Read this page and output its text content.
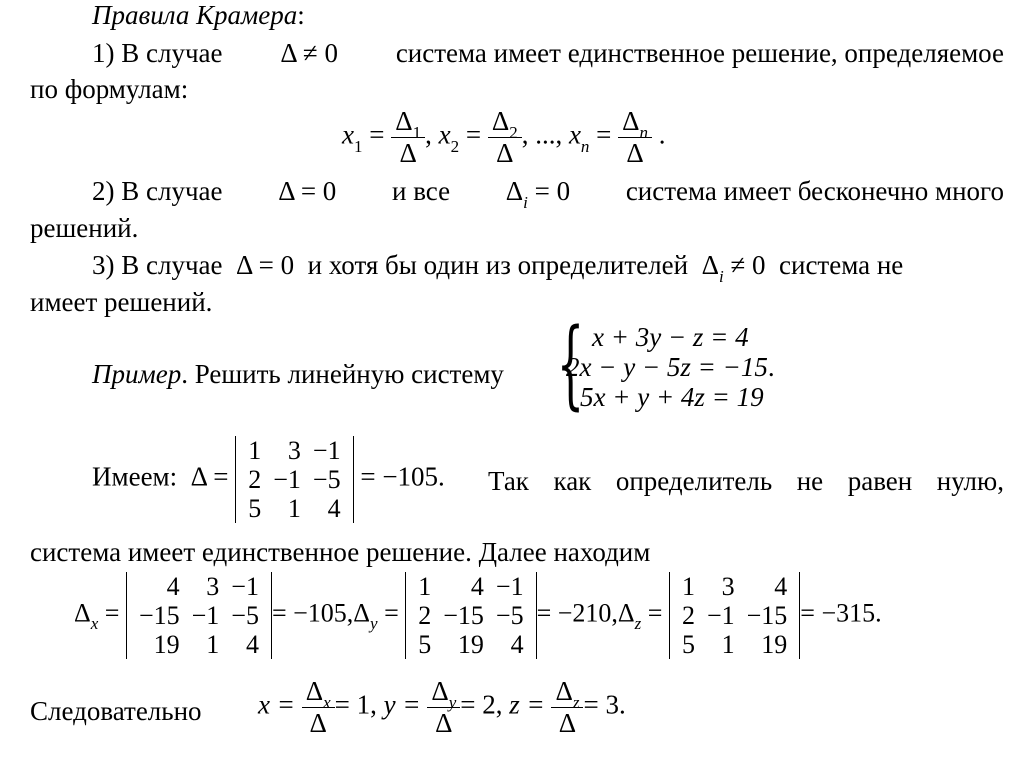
Правила Крамера:
1) В случае Δ ≠ 0 система имеет единственное решение, определяемое
по формулам:
$x_1 = \frac{\Delta_1}{\Delta}$ , $x_2 = \frac{\Delta_2}{\Delta}$ , ..., $x_n = \frac{\Delta_n}{\Delta}$ .
2) В случае Δ = 0 и все $\Delta_i = 0$ система имеет бесконечно много
решений.
3) В случае Δ = 0 и хотя бы один из определителей $\Delta_i \ne 0$ система не
имеет решений.
Пример. Решить линейную систему { x + 3y − z = 4
2x − y − 5z = −15.
5x + y + 4z = 19
Имеем: Δ =
1	3	−1
2	−1	−5
5	1	4
= −105. Так как определитель не равен нулю,
система имеет единственное решение. Далее находим
$\Delta_x$ =
4	3	−1
−15	−1	−5
19	1	4
= $-105,\Delta_y$ =
1	4	−1
2	−15	−5
5	19	4
= $-210,\Delta_z$ =
1	3	4
2	−1	−15
5	1	19
= −315.
Следовательно $x = \frac{\Delta_x}{\Delta} = 1$, $y = \frac{\Delta_y}{\Delta} = 2$, $z = \frac{\Delta_z}{\Delta} = 3$.
